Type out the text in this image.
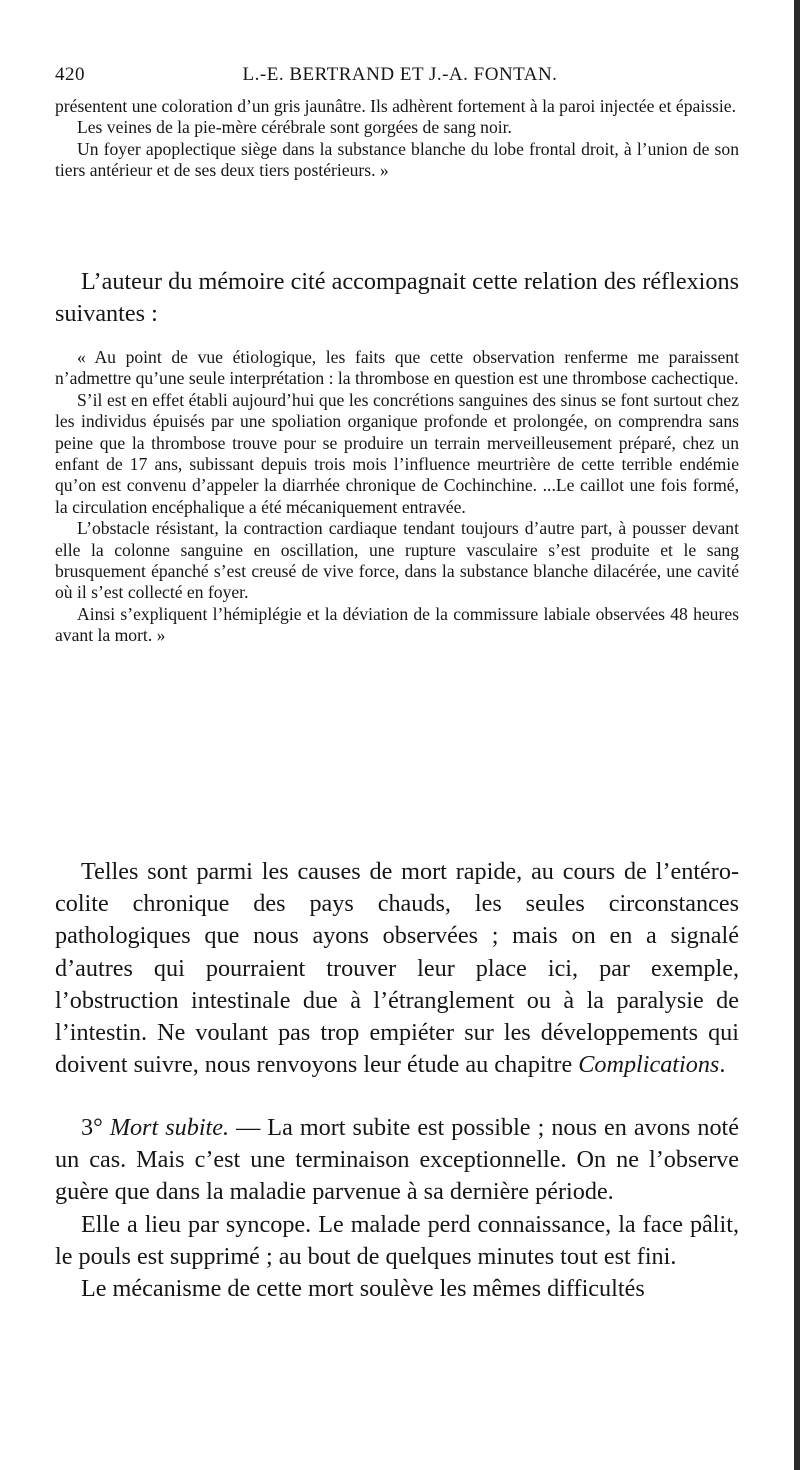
420	L.-E. BERTRAND ET J.-A. FONTAN.

présentent une coloration d’un gris jaunâtre. Ils adhèrent fortement à la paroi injectée et épaissie.

Les veines de la pie-mère cérébrale sont gorgées de sang noir.

Un foyer apoplectique siège dans la substance blanche du lobe frontal droit, à l’union de son tiers antérieur et de ses deux tiers postérieurs. »

L’auteur du mémoire cité accompagnait cette relation des réflexions suivantes :

« Au point de vue étiologique, les faits que cette observation renferme me paraissent n’admettre qu’une seule interprétation : la thrombose en question est une thrombose cachectique.

S’il est en effet établi aujourd’hui que les concrétions sanguines des sinus se font surtout chez les individus épuisés par une spoliation organique profonde et prolongée, on comprendra sans peine que la thrombose trouve pour se produire un terrain merveilleusement préparé, chez un enfant de 17 ans, subissant depuis trois mois l’influence meurtrière de cette terrible endémie qu’on est convenu d’appeler la diarrhée chronique de Cochinchine. ...Le caillot une fois formé, la circulation encéphalique a été mécaniquement entravée.

L’obstacle résistant, la contraction cardiaque tendant toujours d’autre part, à pousser devant elle la colonne sanguine en oscillation, une rupture vasculaire s’est produite et le sang brusquement épanché s’est creusé de vive force, dans la substance blanche dilacérée, une cavité où il s’est collecté en foyer.

Ainsi s’expliquent l’hémiplégie et la déviation de la commissure labiale observées 48 heures avant la mort. »

Telles sont parmi les causes de mort rapide, au cours de l’entéro-colite chronique des pays chauds, les seules circonstances pathologiques que nous ayons observées ; mais on en a signalé d’autres qui pourraient trouver leur place ici, par exemple, l’obstruction intestinale due à l’étranglement ou à la paralysie de l’intestin. Ne voulant pas trop empiéter sur les développements qui doivent suivre, nous renvoyons leur étude au chapitre Complications.

3° Mort subite. — La mort subite est possible ; nous en avons noté un cas. Mais c’est une terminaison exceptionnelle. On ne l’observe guère que dans la maladie parvenue à sa dernière période.

Elle a lieu par syncope. Le malade perd connaissance, la face pâlit, le pouls est supprimé ; au bout de quelques minutes tout est fini.

Le mécanisme de cette mort soulève les mêmes difficultés
